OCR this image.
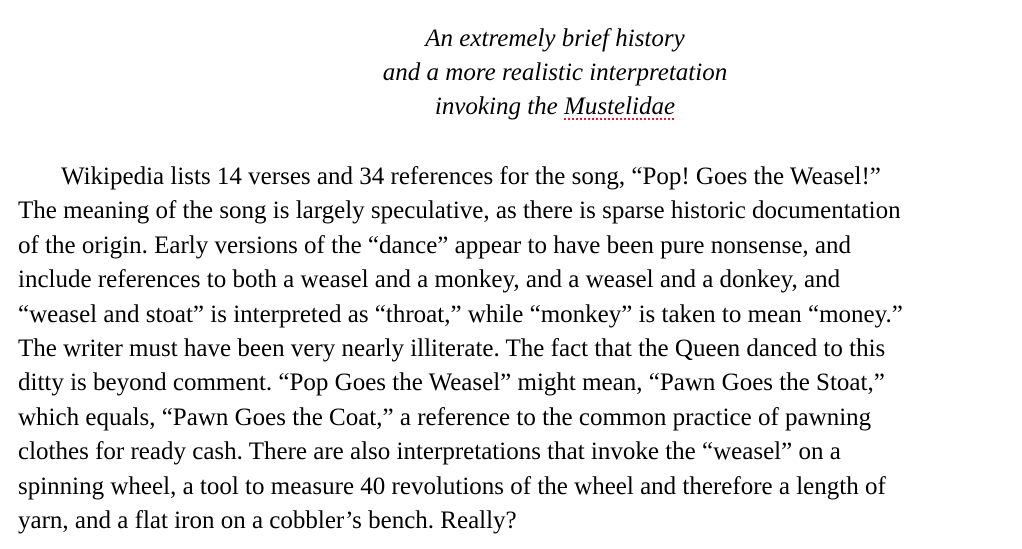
An extremely brief history
and a more realistic interpretation
invoking the Mustelidae
Wikipedia lists 14 verses and 34 references for the song, “Pop! Goes the Weasel!”
The meaning of the song is largely speculative, as there is sparse historic documentation
of the origin. Early versions of the “dance” appear to have been pure nonsense, and
include references to both a weasel and a monkey, and a weasel and a donkey, and
“weasel and stoat” is interpreted as “throat,” while “monkey” is taken to mean “money.”
The writer must have been very nearly illiterate. The fact that the Queen danced to this
ditty is beyond comment. “Pop Goes the Weasel” might mean, “Pawn Goes the Stoat,”
which equals, “Pawn Goes the Coat,” a reference to the common practice of pawning
clothes for ready cash. There are also interpretations that invoke the “weasel” on a
spinning wheel, a tool to measure 40 revolutions of the wheel and therefore a length of
yarn, and a flat iron on a cobbler’s bench. Really?
